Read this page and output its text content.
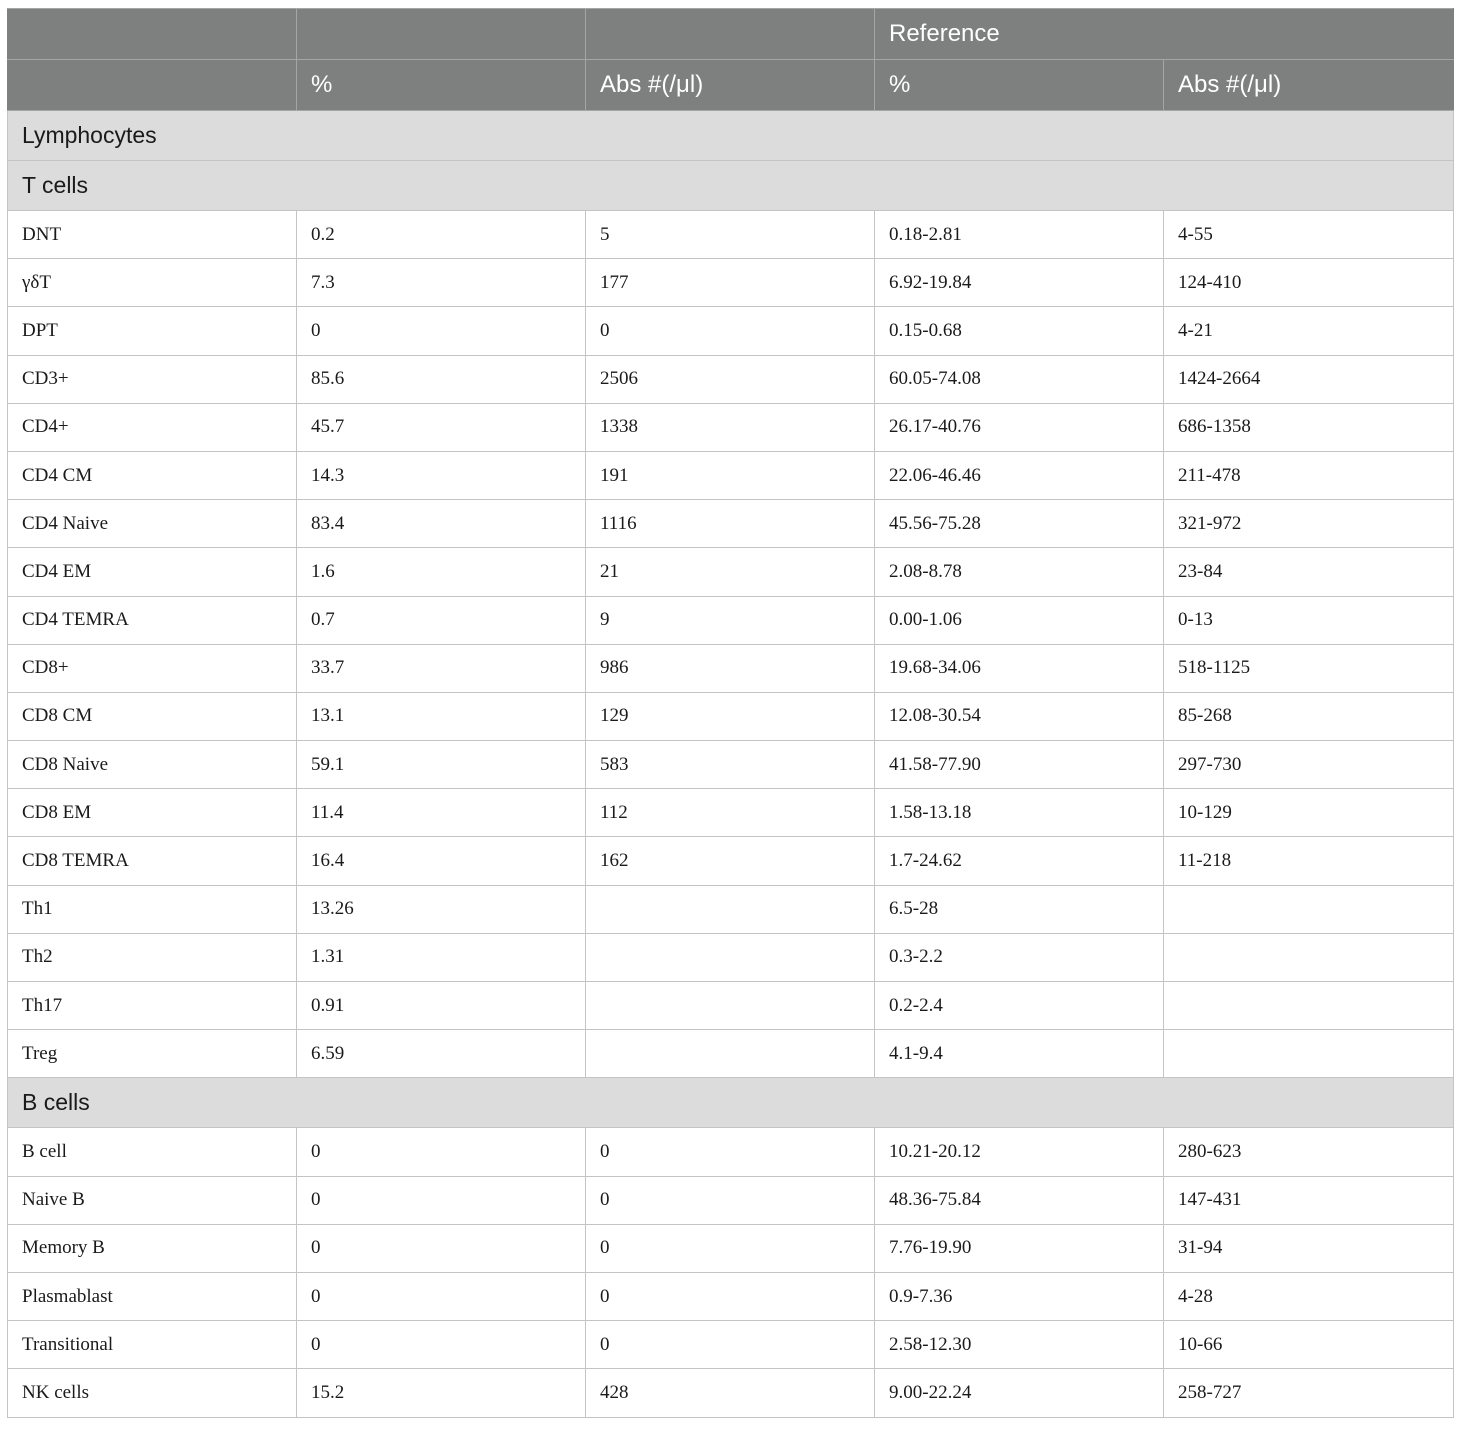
			Reference	
	%	Abs #(/μl)	%	Abs #(/μl)
Lymphocytes				
T cells				
DNT	0.2	5	0.18-2.81	4-55
γδT	7.3	177	6.92-19.84	124-410
DPT	0	0	0.15-0.68	4-21
CD3+	85.6	2506	60.05-74.08	1424-2664
CD4+	45.7	1338	26.17-40.76	686-1358
CD4 CM	14.3	191	22.06-46.46	211-478
CD4 Naive	83.4	1116	45.56-75.28	321-972
CD4 EM	1.6	21	2.08-8.78	23-84
CD4 TEMRA	0.7	9	0.00-1.06	0-13
CD8+	33.7	986	19.68-34.06	518-1125
CD8 CM	13.1	129	12.08-30.54	85-268
CD8 Naive	59.1	583	41.58-77.90	297-730
CD8 EM	11.4	112	1.58-13.18	10-129
CD8 TEMRA	16.4	162	1.7-24.62	11-218
Th1	13.26		6.5-28	
Th2	1.31		0.3-2.2	
Th17	0.91		0.2-2.4	
Treg	6.59		4.1-9.4	
B cells				
B cell	0	0	10.21-20.12	280-623
Naive B	0	0	48.36-75.84	147-431
Memory B	0	0	7.76-19.90	31-94
Plasmablast	0	0	0.9-7.36	4-28
Transitional	0	0	2.58-12.30	10-66
NK cells	15.2	428	9.00-22.24	258-727
